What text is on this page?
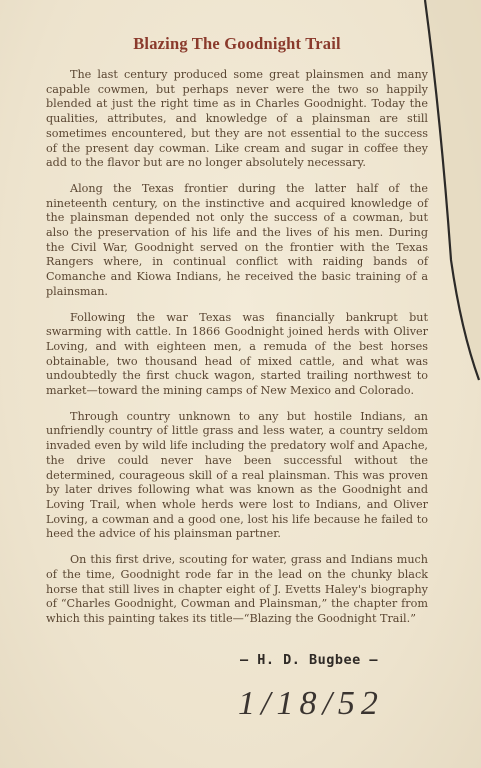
Blazing The Goodnight Trail

The last century produced some great plainsmen and many capable cowmen, but perhaps never were the two so happily blended at just the right time as in Charles Goodnight. Today the qualities, attributes, and knowledge of a plainsman are still sometimes encountered, but they are not essential to the success of the present day cowman. Like cream and sugar in coffee they add to the flavor but are no longer absolutely necessary.

Along the Texas frontier during the latter half of the nineteenth century, on the instinctive and acquired knowledge of the plainsman depended not only the success of a cowman, but also the preservation of his life and the lives of his men. During the Civil War, Goodnight served on the frontier with the Texas Rangers where, in continual conflict with raiding bands of Comanche and Kiowa Indians, he received the basic training of a plainsman.

Following the war Texas was financially bankrupt but swarming with cattle. In 1866 Goodnight joined herds with Oliver Loving, and with eighteen men, a remuda of the best horses obtainable, two thousand head of mixed cattle, and what was undoubtedly the first chuck wagon, started trailing northwest to market—toward the mining camps of New Mexico and Colorado.

Through country unknown to any but hostile Indians, an unfriendly country of little grass and less water, a country seldom invaded even by wild life including the predatory wolf and Apache, the drive could never have been successful without the determined, courageous skill of a real plainsman. This was proven by later drives following what was known as the Goodnight and Loving Trail, when whole herds were lost to Indians, and Oliver Loving, a cowman and a good one, lost his life because he failed to heed the advice of his plainsman partner.

On this first drive, scouting for water, grass and Indians much of the time, Goodnight rode far in the lead on the chunky black horse that still lives in chapter eight of J. Evetts Haley's biography of “Charles Goodnight, Cowman and Plainsman,” the chapter from which this painting takes its title—“Blazing the Goodnight Trail.”

— H. D. Bugbee —
1/18/52
